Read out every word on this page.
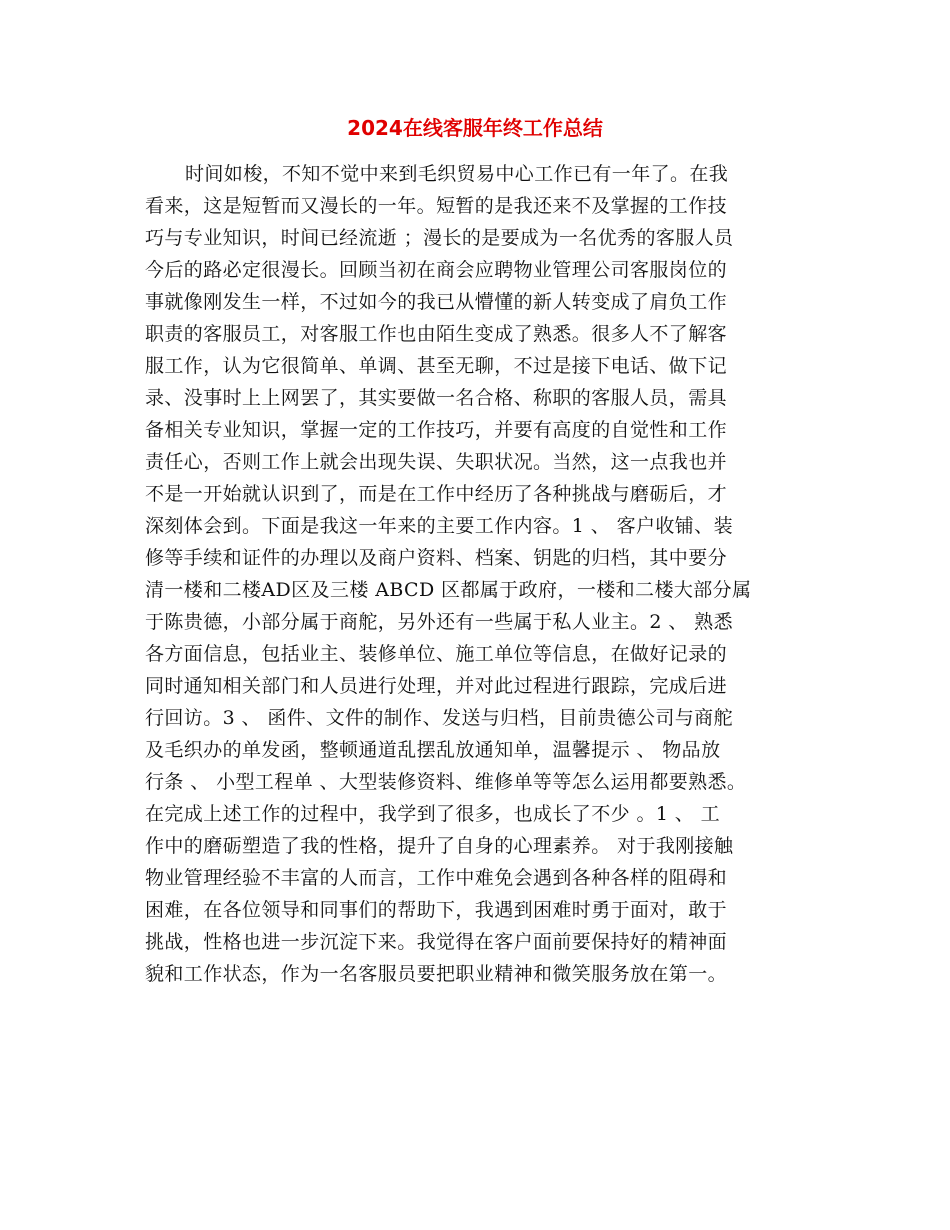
2024在线客服年终工作总结
时间如梭，不知不觉中来到毛织贸易中心工作已有一年了。在我
看来，这是短暂而又漫长的一年。短暂的是我还来不及掌握的工作技
巧与专业知识，时间已经流逝 ；漫长的是要成为一名优秀的客服人员
今后的路必定很漫长。回顾当初在商会应聘物业管理公司客服岗位的
事就像刚发生一样，不过如今的我已从懵懂的新人转变成了肩负工作
职责的客服员工，对客服工作也由陌生变成了熟悉。很多人不了解客
服工作，认为它很简单、单调、甚至无聊，不过是接下电话、做下记
录、没事时上上网罢了，其实要做一名合格、称职的客服人员，需具
备相关专业知识，掌握一定的工作技巧，并要有高度的自觉性和工作
责任心，否则工作上就会出现失误、失职状况。当然，这一点我也并
不是一开始就认识到了，而是在工作中经历了各种挑战与磨砺后，才
深刻体会到。下面是我这一年来的主要工作内容。1 、 客户收铺、装
修等手续和证件的办理以及商户资料、档案、钥匙的归档，其中要分
清一楼和二楼AD区及三楼 ABCD 区都属于政府，一楼和二楼大部分属
于陈贵德，小部分属于商舵，另外还有一些属于私人业主。2 、 熟悉
各方面信息，包括业主、装修单位、施工单位等信息，在做好记录的
同时通知相关部门和人员进行处理，并对此过程进行跟踪，完成后进
行回访。3 、 函件、文件的制作、发送与归档，目前贵德公司与商舵
及毛织办的单发函，整顿通道乱摆乱放通知单，温馨提示 、 物品放
行条 、 小型工程单 、大型装修资料、维修单等等怎么运用都要熟悉。
在完成上述工作的过程中，我学到了很多，也成长了不少 。1 、 工
作中的磨砺塑造了我的性格，提升了自身的心理素养。 对于我刚接触
物业管理经验不丰富的人而言，工作中难免会遇到各种各样的阻碍和
困难，在各位领导和同事们的帮助下，我遇到困难时勇于面对，敢于
挑战，性格也进一步沉淀下来。我觉得在客户面前要保持好的精神面
貌和工作状态，作为一名客服员要把职业精神和微笑服务放在第一。
